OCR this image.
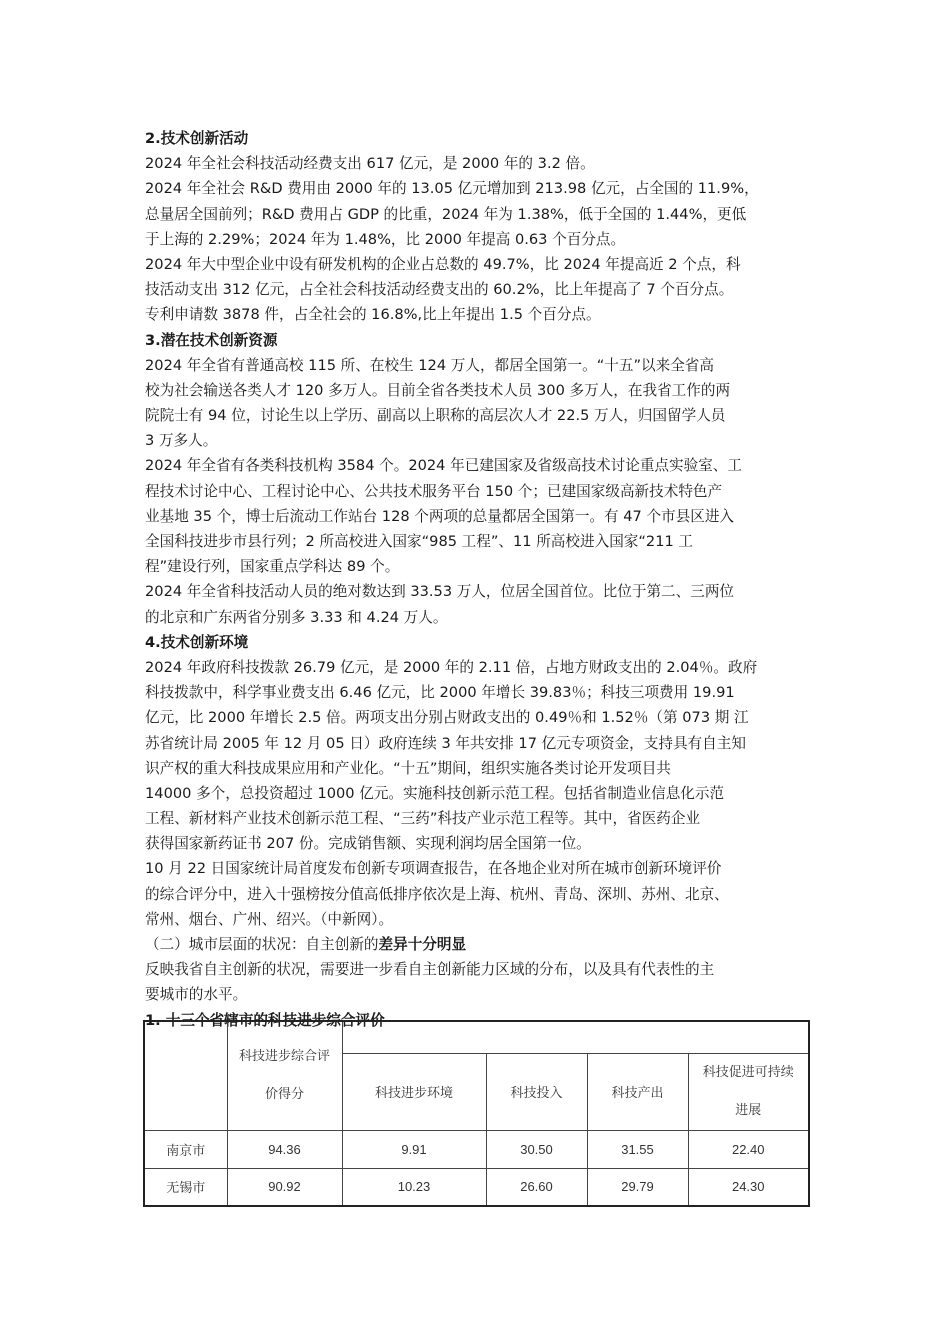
2.技术创新活动
2024 年全社会科技活动经费支出 617 亿元，是 2000 年的 3.2 倍。
2024 年全社会 R&D 费用由 2000 年的 13.05 亿元增加到 213.98 亿元，占全国的 11.9%，
总量居全国前列；R&D 费用占 GDP 的比重，2024 年为 1.38%，低于全国的 1.44%，更低
于上海的 2.29%；2024 年为 1.48%，比 2000 年提高 0.63 个百分点。
2024 年大中型企业中设有研发机构的企业占总数的 49.7%，比 2024 年提高近 2 个点，科
技活动支出 312 亿元，占全社会科技活动经费支出的 60.2%，比上年提高了 7 个百分点。
专利申请数 3878 件，占全社会的 16.8%,比上年提出 1.5 个百分点。
3.潜在技术创新资源
2024 年全省有普通高校 115 所、在校生 124 万人，都居全国第一。“十五”以来全省高
校为社会输送各类人才 120 多万人。目前全省各类技术人员 300 多万人，在我省工作的两
院院士有 94 位，讨论生以上学历、副高以上职称的高层次人才 22.5 万人，归国留学人员
3 万多人。
2024 年全省有各类科技机构 3584 个。2024 年已建国家及省级高技术讨论重点实验室、工
程技术讨论中心、工程讨论中心、公共技术服务平台 150 个；已建国家级高新技术特色产
业基地 35 个，博士后流动工作站台 128 个两项的总量都居全国第一。有 47 个市县区进入
全国科技进步市县行列；2 所高校进入国家“985 工程”、11 所高校进入国家“211 工
程”建设行列，国家重点学科达 89 个。
2024 年全省科技活动人员的绝对数达到 33.53 万人，位居全国首位。比位于第二、三两位
的北京和广东两省分别多 3.33 和 4.24 万人。
4.技术创新环境
2024 年政府科技拨款 26.79 亿元，是 2000 年的 2.11 倍，占地方财政支出的 2.04％。政府
科技拨款中，科学事业费支出 6.46 亿元，比 2000 年增长 39.83％；科技三项费用 19.91
亿元，比 2000 年增长 2.5 倍。两项支出分别占财政支出的 0.49％和 1.52％（第 073 期 江
苏省统计局 2005 年 12 月 05 日）政府连续 3 年共安排 17 亿元专项资金，支持具有自主知
识产权的重大科技成果应用和产业化。“十五”期间，组织实施各类讨论开发项目共
14000 多个，总投资超过 1000 亿元。实施科技创新示范工程。包括省制造业信息化示范
工程、新材料产业技术创新示范工程、“三药”科技产业示范工程等。其中，省医药企业
获得国家新药证书 207 份。完成销售额、实现利润均居全国第一位。
10 月 22 日国家统计局首度发布创新专项调查报告，在各地企业对所在城市创新环境评价
的综合评分中，进入十强榜按分值高低排序依次是上海、杭州、青岛、深圳、苏州、北京、
常州、烟台、广州、绍兴。（中新网）。
（二）城市层面的状况：自主创新的差异十分明显
反映我省自主创新的状况，需要进一步看自主创新能力区域的分布，以及具有代表性的主
要城市的水平。
1. 十三个省辖市的科技进步综合评价
	科技进步综合评
价得分				
		科技进步环境	科技投入	科技产出	科技促进可持续
进展
南京市	94.36	9.91	30.50	31.55	22.40
无锡市	90.92	10.23	26.60	29.79	24.30
